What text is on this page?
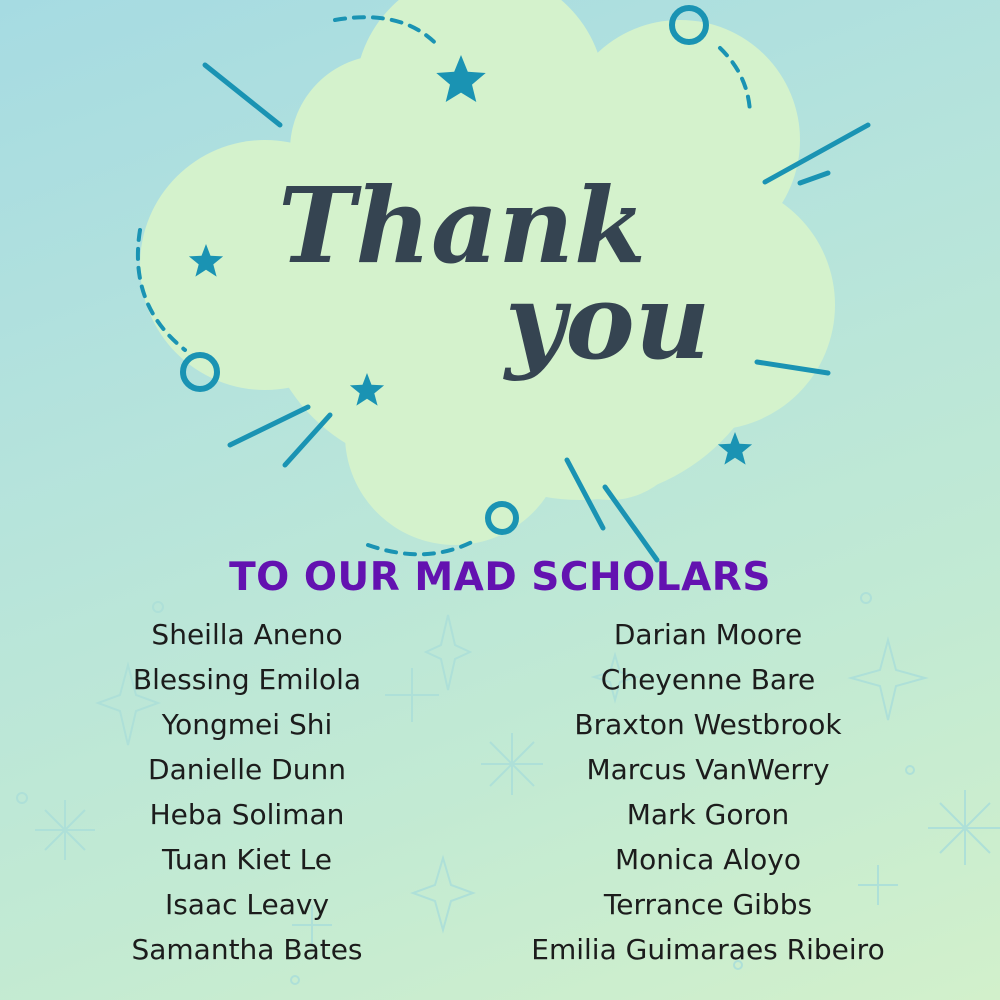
Thank
you
TO OUR MAD SCHOLARS
Sheilla Aneno
Blessing Emilola
Yongmei Shi
Danielle Dunn
Heba Soliman
Tuan Kiet Le
Isaac Leavy
Samantha Bates
Darian Moore
Cheyenne Bare
Braxton Westbrook
Marcus VanWerry
Mark Goron
Monica Aloyo
Terrance Gibbs
Emilia Guimaraes Ribeiro
